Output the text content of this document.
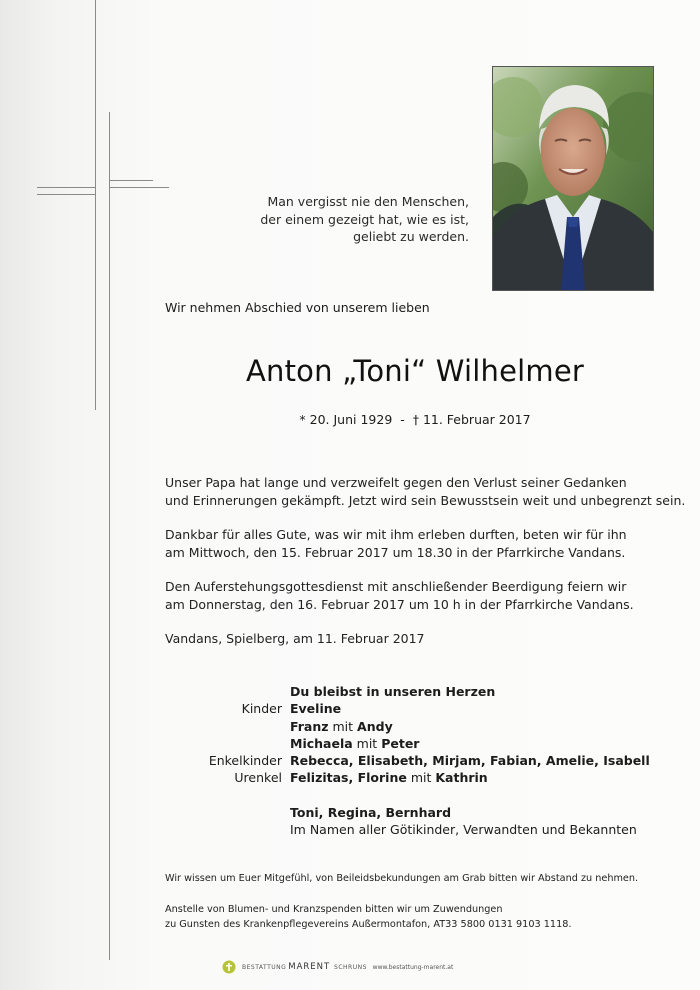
Man vergisst nie den Menschen,
der einem gezeigt hat, wie es ist,
geliebt zu werden.
Wir nehmen Abschied von unserem lieben
Anton „Toni“ Wilhelmer
* 20. Juni 1929 - † 11. Februar 2017
Unser Papa hat lange und verzweifelt gegen den Verlust seiner Gedanken
und Erinnerungen gekämpft. Jetzt wird sein Bewusstsein weit und unbegrenzt sein.
Dankbar für alles Gute, was wir mit ihm erleben durften, beten wir für ihn
am Mittwoch, den 15. Februar 2017 um 18.30 in der Pfarrkirche Vandans.
Den Auferstehungsgottesdienst mit anschließender Beerdigung feiern wir
am Donnerstag, den 16. Februar 2017 um 10 h in der Pfarrkirche Vandans.
Vandans, Spielberg, am 11. Februar 2017
Du bleibst in unseren Herzen
Kinder Eveline
Franz mit Andy
Michaela mit Peter
Enkelkinder Rebecca, Elisabeth, Mirjam, Fabian, Amelie, Isabell
Urenkel Felizitas, Florine mit Kathrin
Toni, Regina, Bernhard
Im Namen aller Götikinder, Verwandten und Bekannten
Wir wissen um Euer Mitgefühl, von Beileidsbekundungen am Grab bitten wir Abstand zu nehmen.
Anstelle von Blumen- und Kranzspenden bitten wir um Zuwendungen
zu Gunsten des Krankenpflegevereins Außermontafon, AT33 5800 0131 9103 1118.
BESTATTUNG
MARENT
SCHRUNS
www.bestattung-marent.at
